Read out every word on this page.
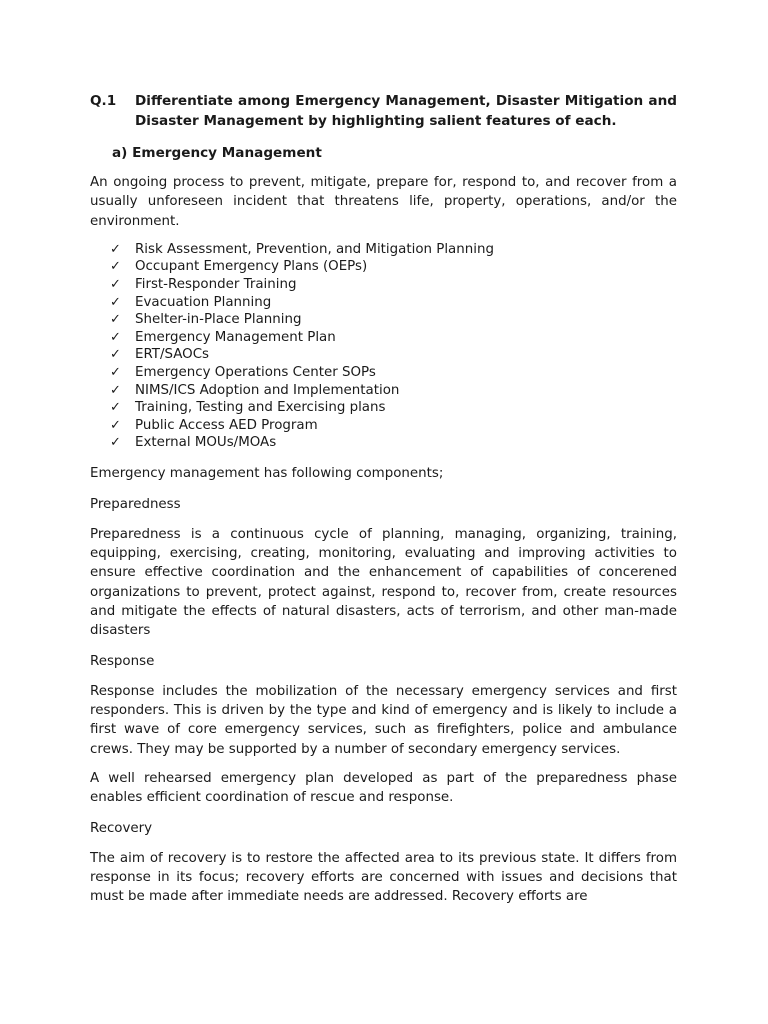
Q.1	Differentiate among Emergency Management, Disaster Mitigation and Disaster Management by highlighting salient features of each.
a) Emergency Management

An ongoing process to prevent, mitigate, prepare for, respond to, and recover from a usually unforeseen incident that threatens life, property, operations, and/or the environment.

✓	Risk Assessment, Prevention, and Mitigation Planning
✓	Occupant Emergency Plans (OEPs)
✓	First-Responder Training
✓	Evacuation Planning
✓	Shelter-in-Place Planning
✓	Emergency Management Plan
✓	ERT/SAOCs
✓	Emergency Operations Center SOPs
✓	NIMS/ICS Adoption and Implementation
✓	Training, Testing and Exercising plans
✓	Public Access AED Program
✓	External MOUs/MOAs

Emergency management has following components;

Preparedness

Preparedness is a continuous cycle of planning, managing, organizing, training, equipping, exercising, creating, monitoring, evaluating and improving activities to ensure effective coordination and the enhancement of capabilities of concerened organizations to prevent, protect against, respond to, recover from, create resources and mitigate the effects of natural disasters, acts of terrorism, and other man-made disasters

Response

Response includes the mobilization of the necessary emergency services and first responders. This is driven by the type and kind of emergency and is likely to include a first wave of core emergency services, such as firefighters, police and ambulance crews. They may be supported by a number of secondary emergency services.

A well rehearsed emergency plan developed as part of the preparedness phase enables efficient coordination of rescue and response.

Recovery

The aim of recovery is to restore the affected area to its previous state. It differs from response in its focus; recovery efforts are concerned with issues and decisions that must be made after immediate needs are addressed. Recovery efforts are
